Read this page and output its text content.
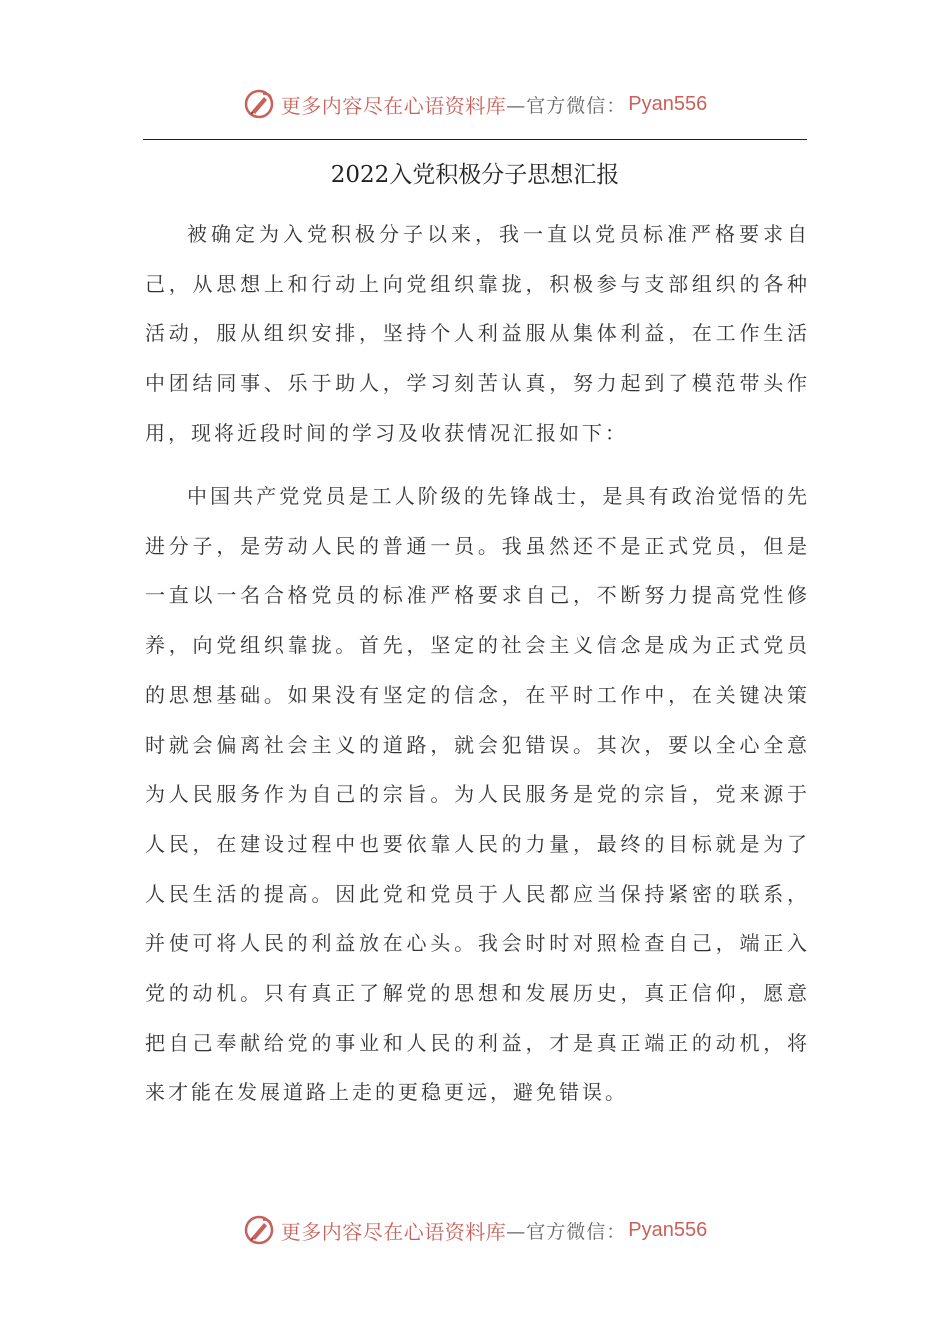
更多内容尽在心语资料库 —官方微信： Pyan556
2022入党积极分子思想汇报

被确定为入党积极分子以来，我一直以党员标准严格要求自己，从思想上和行动上向党组织靠拢，积极参与支部组织的各种活动，服从组织安排，坚持个人利益服从集体利益，在工作生活中团结同事、乐于助人，学习刻苦认真，努力起到了模范带头作用，现将近段时间的学习及收获情况汇报如下：

中国共产党党员是工人阶级的先锋战士，是具有政治觉悟的先进分子，是劳动人民的普通一员。我虽然还不是正式党员，但是一直以一名合格党员的标准严格要求自己，不断努力提高党性修养，向党组织靠拢。首先，坚定的社会主义信念是成为正式党员的思想基础。如果没有坚定的信念，在平时工作中，在关键决策时就会偏离社会主义的道路，就会犯错误。其次，要以全心全意为人民服务作为自己的宗旨。为人民服务是党的宗旨，党来源于人民，在建设过程中也要依靠人民的力量，最终的目标就是为了人民生活的提高。因此党和党员于人民都应当保持紧密的联系，并使可将人民的利益放在心头。我会时时对照检查自己，端正入党的动机。只有真正了解党的思想和发展历史，真正信仰，愿意把自己奉献给党的事业和人民的利益，才是真正端正的动机，将来才能在发展道路上走的更稳更远，避免错误。

更多内容尽在心语资料库 —官方微信： Pyan556
